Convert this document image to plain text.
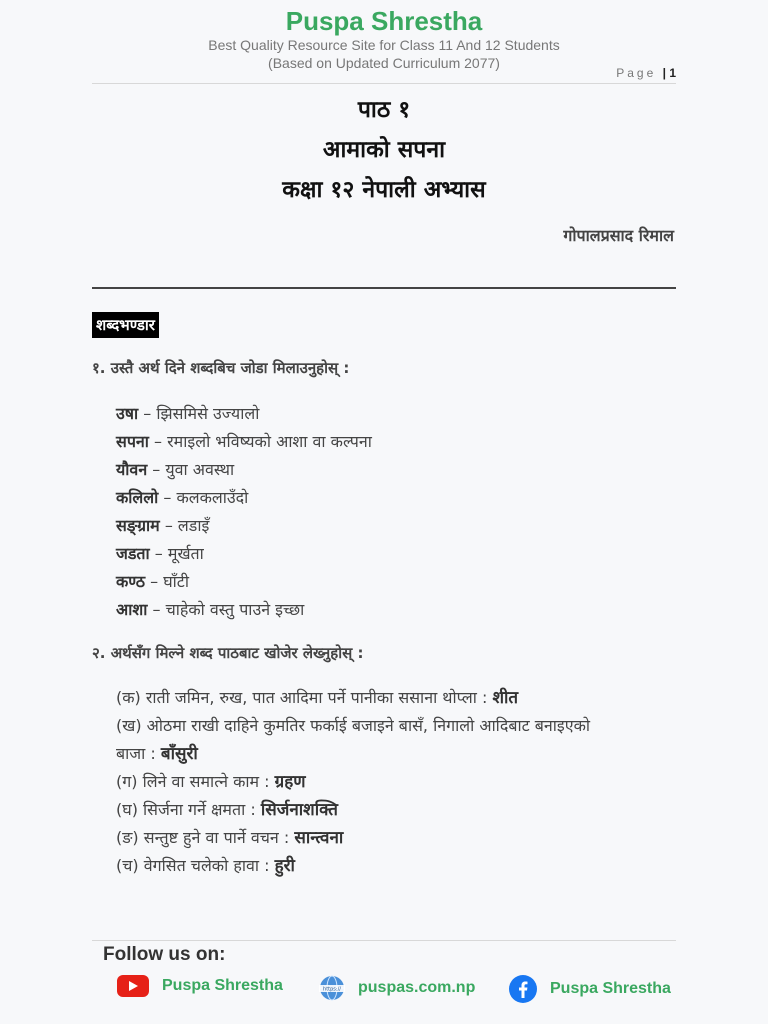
Puspa Shrestha
Best Quality Resource Site for Class 11 And 12 Students
(Based on Updated Curriculum 2077)
Page | 1
पाठ १
आमाको सपना
कक्षा १२ नेपाली अभ्यास
गोपालप्रसाद रिमाल
शब्दभण्डार
१. उस्तै अर्थ दिने शब्दबिच जोडा मिलाउनुहोस् :
उषा – झिसमिसे उज्यालो
सपना – रमाइलो भविष्यको आशा वा कल्पना
यौवन – युवा अवस्था
कलिलो – कलकलाउँदो
सङ्ग्राम – लडाइँ
जडता – मूर्खता
कण्ठ – घाँटी
आशा – चाहेको वस्तु पाउने इच्छा
२. अर्थसँग मिल्ने शब्द पाठबाट खोजेर लेख्नुहोस् :
(क) राती जमिन, रुख, पात आदिमा पर्ने पानीका ससाना थोप्ला : शीत
(ख) ओठमा राखी दाहिने कुमतिर फर्काई बजाइने बासँ, निगालो आदिबाट बनाइएको
बाजा : बाँसुरी
(ग) लिने वा समात्ने काम : ग्रहण
(घ) सिर्जना गर्ने क्षमता : सिर्जनाशक्ति
(ङ) सन्तुष्ट हुने वा पार्ने वचन : सान्त्वना
(च) वेगसित चलेको हावा : हुरी
Follow us on:
Puspa Shrestha	https:// puspas.com.np	Puspa Shrestha
